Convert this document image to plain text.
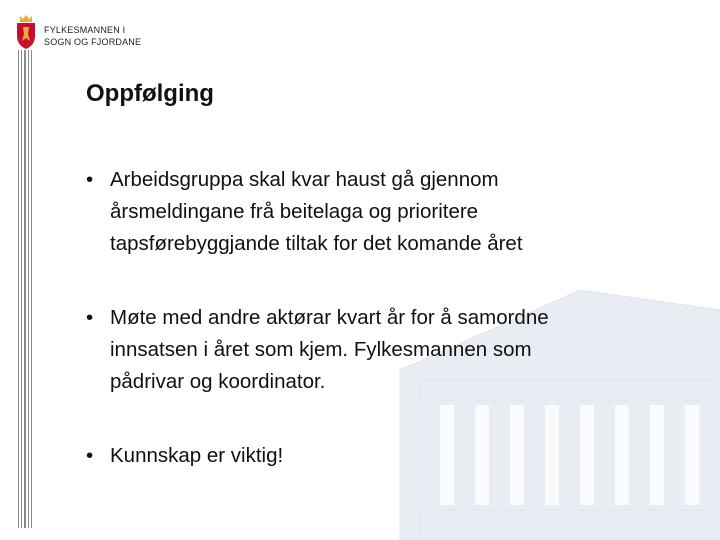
FYLKESMANNEN I
SOGN OG FJORDANE
Oppfølging
• Arbeidsgruppa skal kvar haust gå gjennom
årsmeldingane frå beitelaga og prioritere
tapsførebyggjande tiltak for det komande året
• Møte med andre aktørar kvart år for å samordne
innsatsen i året som kjem. Fylkesmannen som
pådrivar og koordinator.
• Kunnskap er viktig!
